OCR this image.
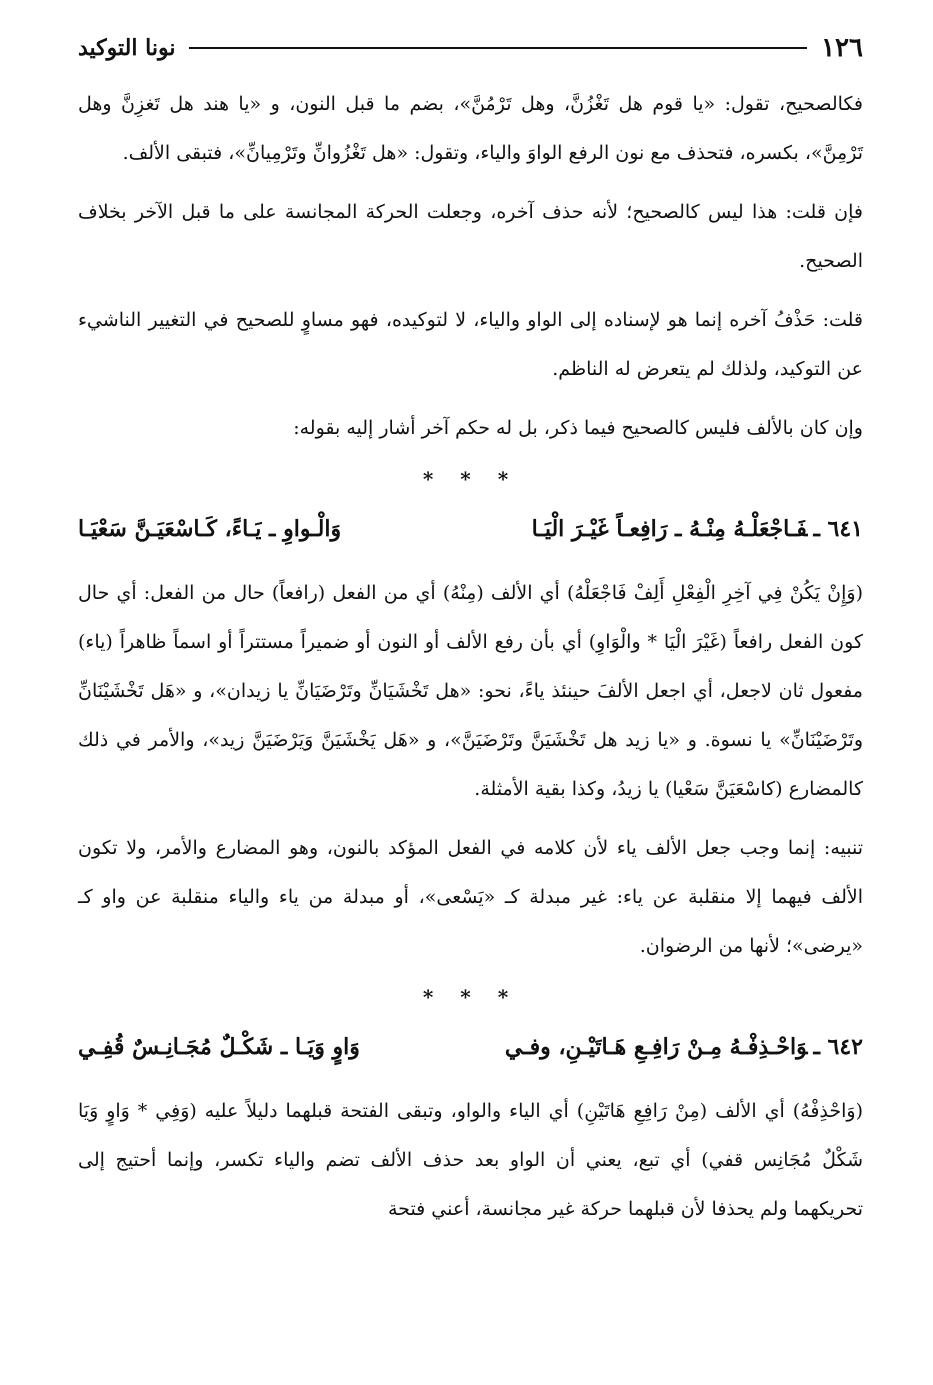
١٢٦
نونا التوكيد

فكالصحيح، تقول: «يا قوم هل تَغْزُنَّ، وهل تَرْمُنَّ»، بضم ما قبل النون، و «يا هند هل تَغزِنَّ وهل تَرْمِنَّ»، بكسره، فتحذف مع نون الرفع الواوَ والياء، وتقول: «هل تَغْزُوانِّ وتَرْمِيانِّ»، فتبقى الألف.

فإن قلت: هذا ليس كالصحيح؛ لأنه حذف آخره، وجعلت الحركة المجانسة على ما قبل الآخر بخلاف الصحيح.

قلت: حَذْفُ آخره إنما هو لإسناده إلى الواو والياء، لا لتوكيده، فهو مساوٍ للصحيح في التغيير الناشيء عن التوكيد، ولذلك لم يتعرض له الناظم.

وإن كان بالألف فليس كالصحيح فيما ذكر، بل له حكم آخر أشار إليه بقوله:

* * *
٦٤١ ـفَـاجْعَلْـهُ مِنْـهُ ـ رَافِعـاً غَيْـرَ الْيَـا
وَالْـواوِ ـ يَـاءً، كَـاسْعَيَـنَّ سَعْيَـا

(وَإِنْ يَكُنْ فِي آخِرِ الْفِعْلِ أَلِفْ فَاجْعَلْهُ) أي الألف (مِنْهُ) أي من الفعل (رافعاً) حال من الفعل: أي حال كون الفعل رافعاً (غَيْرَ الْيَا * والْوَاوِ) أي بأن رفع الألف أو النون أو ضميراً مستتراً أو اسماً ظاهراً (ياء) مفعول ثان لاجعل، أي اجعل الألفَ حينئذ ياءً، نحو: «هل تَخْشَيَانِّ وتَرْضَيَانِّ يا زيدان»، و «هَل تَخْشَيْنَانِّ وتَرْضَيْنَانِّ» يا نسوة. و «يا زيد هل تَخْشَيَنَّ وتَرْضَيَنَّ»، و «هَل يَخْشَيَنَّ وَيَرْضَيَنَّ زيد»، والأمر في ذلك كالمضارع (كاسْعَيَنَّ سَعْيا) يا زيدُ، وكذا بقية الأمثلة.

تنبيه: إنما وجب جعل الألف ياء لأن كلامه في الفعل المؤكد بالنون، وهو المضارع والأمر، ولا تكون الألف فيهما إلا منقلبة عن ياء: غير مبدلة كـ «يَسْعى»، أو مبدلة من ياء والياء منقلبة عن واو كـ «يرضى»؛ لأنها من الرضوان.

* * *
٦٤٢ ـوَاحْـذِفْـهُ مِـنْ رَافِـعِ هَـاتَيْـنِ، وفـي
وَاوٍ وَيَـا ـ شَكْـلٌ مُجَـانِـسٌ قُفِـي

(وَاحْذِفْهُ) أي الألف (مِنْ رَافِعِ هَاتَيْنِ) أي الياء والواو، وتبقى الفتحة قبلهما دليلاً عليه (وَفِي * وَاوٍ وَيَا شَكْلٌ مُجَانِس قفي) أي تبع، يعني أن الواو بعد حذف الألف تضم والياء تكسر، وإنما أحتيج إلى تحريكهما ولم يحذفا لأن قبلهما حركة غير مجانسة، أعني فتحة
